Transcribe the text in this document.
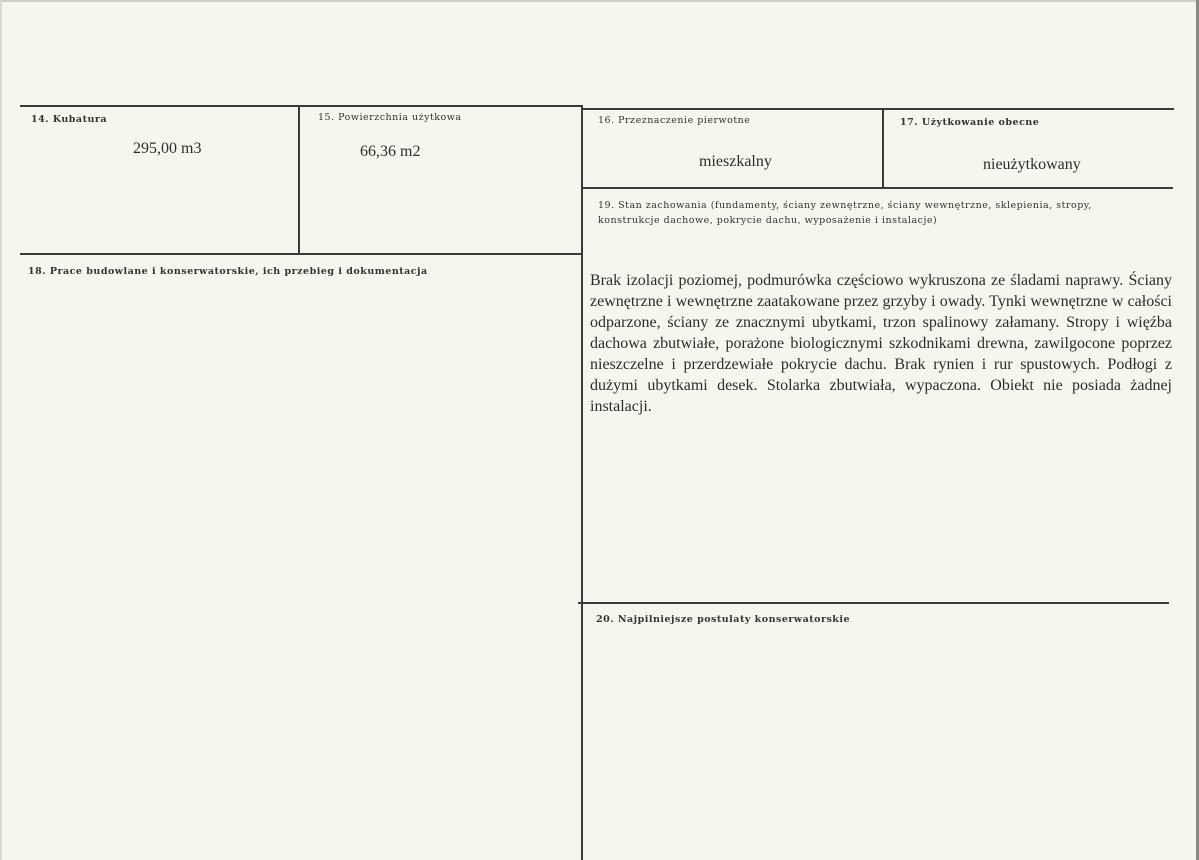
14. Kubatura
295,00 m3
15. Powierzchnia użytkowa
66,36 m2
16. Przeznaczenie pierwotne
mieszkalny
17. Użytkowanie obecne
nieużytkowany
18. Prace budowlane i konserwatorskie, ich przebieg i dokumentacja
19. Stan zachowania (fundamenty, ściany zewnętrzne, ściany wewnętrzne, sklepienia, stropy, konstrukcje dachowe, pokrycie dachu, wyposażenie i instalacje)
Brak izolacji poziomej, podmurówka częściowo wykruszona ze śladami naprawy. Ściany zewnętrzne i wewnętrzne zaatakowane przez grzyby i owady. Tynki wewnętrzne w całości odparzone, ściany ze znacznymi ubytkami, trzon spalinowy załamany. Stropy i więźba dachowa zbutwiałe, porażone biologicznymi szkodnikami drewna, zawilgocone poprzez nieszczelne i przerdzewiałe pokrycie dachu. Brak rynien i rur spustowych. Podłogi z dużymi ubytkami desek. Stolarka zbutwiała, wypaczona. Obiekt nie posiada żadnej instalacji.
20. Najpilniejsze postulaty konserwatorskie
